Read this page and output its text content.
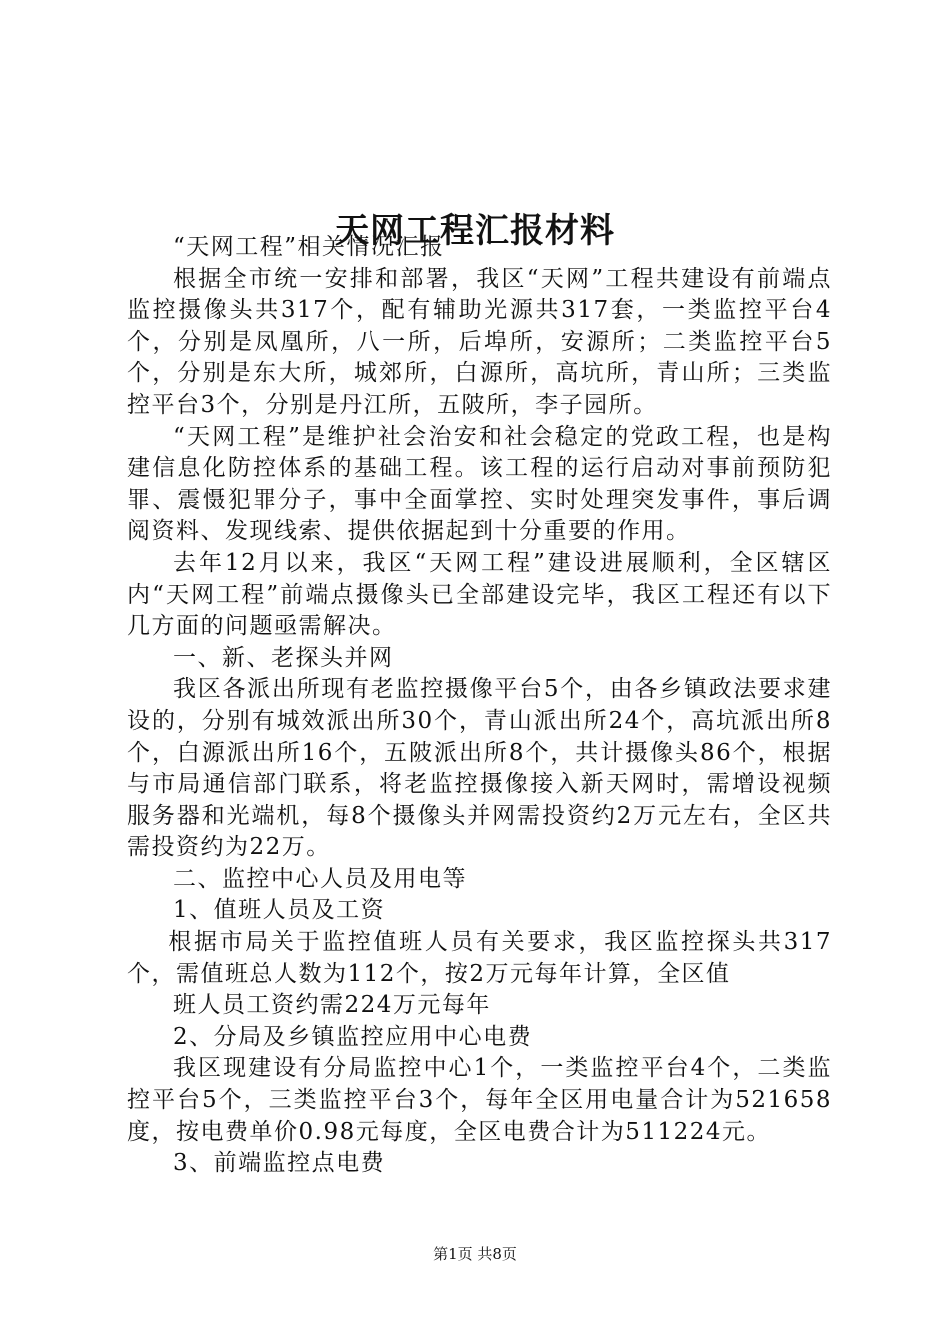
天网工程汇报材料

“天网工程”相关情况汇报

根据全市统一安排和部署，我区“天网”工程共建设有前端点监控摄像头共317个，配有辅助光源共317套，一类监控平台4个，分别是凤凰所，八一所，后埠所，安源所；二类监控平台5个，分别是东大所，城郊所，白源所，高坑所，青山所；三类监控平台3个，分别是丹江所，五陂所，李子园所。

“天网工程”是维护社会治安和社会稳定的党政工程，也是构建信息化防控体系的基础工程。该工程的运行启动对事前预防犯罪、震慑犯罪分子，事中全面掌控、实时处理突发事件，事后调阅资料、发现线索、提供依据起到十分重要的作用。

去年12月以来，我区“天网工程”建设进展顺利，全区辖区内“天网工程”前端点摄像头已全部建设完毕，我区工程还有以下几方面的问题亟需解决。

一、新、老探头并网

我区各派出所现有老监控摄像平台5个，由各乡镇政法要求建设的，分别有城效派出所30个，青山派出所24个，高坑派出所8个，白源派出所16个，五陂派出所8个，共计摄像头86个，根据与市局通信部门联系，将老监控摄像接入新天网时，需增设视频服务器和光端机，每8个摄像头并网需投资约2万元左右，全区共需投资约为22万。

二、监控中心人员及用电等

1、值班人员及工资

根据市局关于监控值班人员有关要求，我区监控探头共317个，需值班总人数为112个，按2万元每年计算，全区值

班人员工资约需224万元每年

2、分局及乡镇监控应用中心电费

我区现建设有分局监控中心1个，一类监控平台4个，二类监控平台5个，三类监控平台3个，每年全区用电量合计为521658度，按电费单价0.98元每度，全区电费合计为511224元。

3、前端监控点电费

第1页 共8页
